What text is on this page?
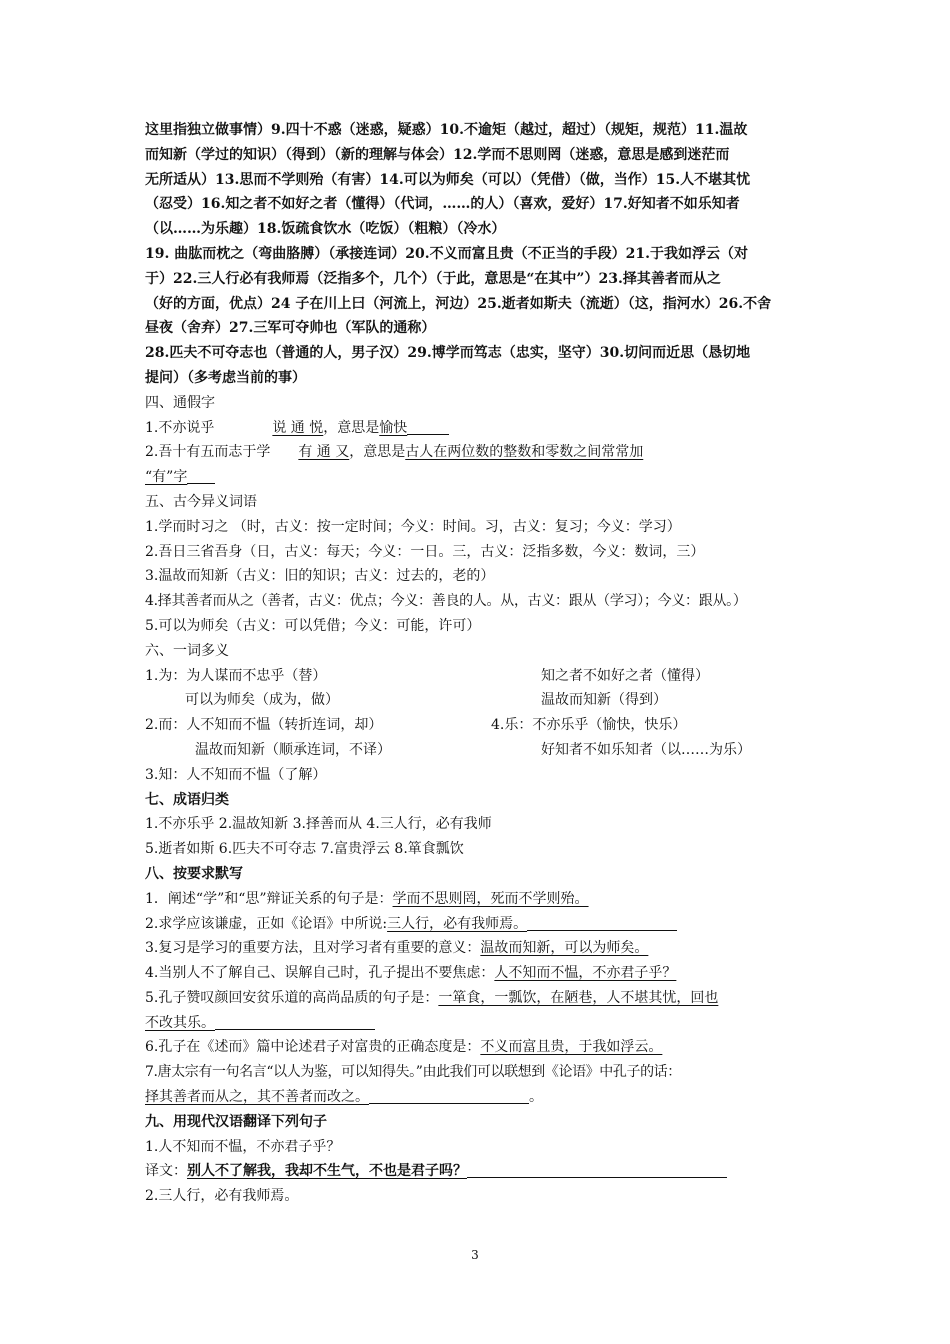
这里指独立做事情）9.四十不惑（迷惑，疑惑）10.不逾矩（越过，超过）（规矩，规范）11.温故
而知新（学过的知识）（得到）（新的理解与体会）12.学而不思则罔（迷惑，意思是感到迷茫而
无所适从）13.思而不学则殆（有害）14.可以为师矣（可以）（凭借）（做，当作）15.人不堪其忧
（忍受）16.知之者不如好之者（懂得）（代词，……的人）（喜欢，爱好）17.好知者不如乐知者
（以……为乐趣）18.饭疏食饮水（吃饭）（粗粮）（冷水）
19. 曲肱而枕之（弯曲胳膊）（承接连词）20.不义而富且贵（不正当的手段）21.于我如浮云（对
于）22.三人行必有我师焉（泛指多个，几个）（于此，意思是“在其中”）23.择其善者而从之
（好的方面，优点）24 子在川上曰（河流上，河边）25.逝者如斯夫（流逝）（这，指河水）26.不舍
昼夜（舍弃）27.三军可夺帅也（军队的通称）
28.匹夫不可夺志也（普通的人，男子汉）29.博学而笃志（忠实，坚守）30.切问而近思（恳切地
提问）（多考虑当前的事）
四、通假字
1.不亦说乎	说 通 悦，意思是愉快
2.吾十有五而志于学 有 通 又，意思是古人在两位数的整数和零数之间常常加
“有”字
五、古今异义词语
1.学而时习之 （时，古义：按一定时间；今义：时间。习，古义：复习；今义：学习）
2.吾日三省吾身（日，古义：每天；今义：一日。三，古义：泛指多数，今义：数词，三）
3.温故而知新（古义：旧的知识；古义：过去的，老的）
4.择其善者而从之（善者，古义：优点；今义：善良的人。从，古义：跟从（学习）；今义：跟从。）
5.可以为师矣（古义：可以凭借；今义：可能，许可）
六、一词多义
1.为：为人谋而不忠乎（替）	知之者不如好之者（懂得）
可以为师矣（成为，做）	温故而知新（得到）
2.而：人不知而不愠（转折连词，却）	4.乐：不亦乐乎（愉快，快乐）
温故而知新（顺承连词，不译）	好知者不如乐知者（以……为乐）
3.知：人不知而不愠（了解）
七、成语归类
1.不亦乐乎 2.温故知新 3.择善而从 4.三人行，必有我师
5.逝者如斯 6.匹夫不可夺志 7.富贵浮云 8.箪食瓢饮
八、按要求默写
1．阐述“学”和“思”辩证关系的句子是：学而不思则罔，死而不学则殆。
2.求学应该谦虚，正如《论语》中所说:三人行，必有我师焉。
3.复习是学习的重要方法，且对学习者有重要的意义：温故而知新，可以为师矣。
4.当别人不了解自己、误解自己时，孔子提出不要焦虑：人不知而不愠，不亦君子乎？
5.孔子赞叹颜回安贫乐道的高尚品质的句子是：一箪食，一瓢饮，在陋巷，人不堪其忧，回也
不改其乐。
6.孔子在《述而》篇中论述君子对富贵的正确态度是：不义而富且贵，于我如浮云。
7.唐太宗有一句名言“以人为鉴，可以知得失。”由此我们可以联想到《论语》中孔子的话：
择其善者而从之，其不善者而改之。	。
九、用现代汉语翻译下列句子
1.人不知而不愠，不亦君子乎？
译文：别人不了解我，我却不生气，不也是君子吗？
2.三人行，必有我师焉。
3
